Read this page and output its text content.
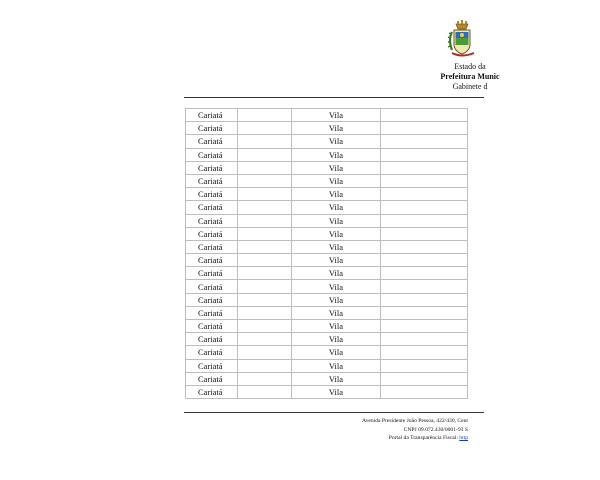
Estado da
Prefeitura Munic
Gabinete d
Cariatá		Vila	
Cariatá		Vila	
Cariatá		Vila	
Cariatá		Vila	
Cariatá		Vila	
Cariatá		Vila	
Cariatá		Vila	
Cariatá		Vila	
Cariatá		Vila	
Cariatá		Vila	
Cariatá		Vila	
Cariatá		Vila	
Cariatá		Vila	
Cariatá		Vila	
Cariatá		Vila	
Cariatá		Vila	
Cariatá		Vila	
Cariatá		Vila	
Cariatá		Vila	
Cariatá		Vila	
Cariatá		Vila	
Cariatá		Vila	
Avenida Presidente João Pessoa, 422/430, Cent
CNPJ 09.072.430/0001-93 S
Portal da Transparência Fiscal: http
